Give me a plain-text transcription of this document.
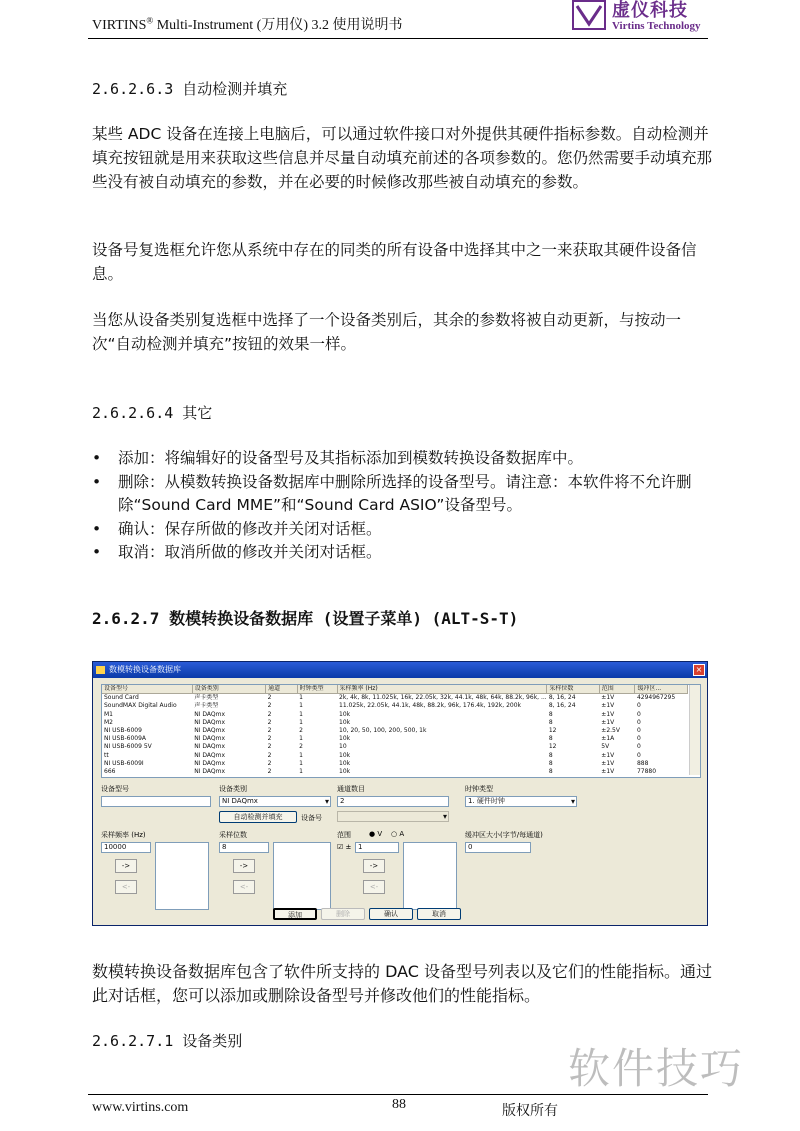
VIRTINS® Multi-Instrument (万用仪) 3.2 使用说明书
虚仪科技
Virtins Technology
2.6.2.6.3 自动检测并填充
某些 ADC 设备在连接上电脑后，可以通过软件接口对外提供其硬件指标参数。自动检测并填充按钮就是用来获取这些信息并尽量自动填充前述的各项参数的。您仍然需要手动填充那些没有被自动填充的参数，并在必要的时候修改那些被自动填充的参数。
设备号复选框允许您从系统中存在的同类的所有设备中选择其中之一来获取其硬件设备信息。
当您从设备类别复选框中选择了一个设备类别后，其余的参数将被自动更新，与按动一次“自动检测并填充”按钮的效果一样。
2.6.2.6.4 其它
• 添加：将编辑好的设备型号及其指标添加到模数转换设备数据库中。
• 删除：从模数转换设备数据库中删除所选择的设备型号。请注意：本软件将不允许删除“Sound Card MME”和“Sound Card ASIO”设备型号。
• 确认：保存所做的修改并关闭对话框。
• 取消：取消所做的修改并关闭对话框。
2.6.2.7 数模转换设备数据库 (设置子菜单) (ALT-S-T)
数模转换设备数据库	×
设备型号	设备类别	通道	时钟类型	采样频率 (Hz)	采样位数	范围	缓冲区...
Sound Card	声卡类型	2	1	2k, 4k, 8k, 11.025k, 16k, 22.05k, 32k, 44.1k, 48k, 64k, 88.2k, 96k, ...	8, 16, 24	±1V	4294967295
SoundMAX Digital Audio	声卡类型	2	1	11.025k, 22.05k, 44.1k, 48k, 88.2k, 96k, 176.4k, 192k, 200k	8, 16, 24	±1V	0
M1	NI DAQmx	2	1	10k	8	±1V	0
M2	NI DAQmx	2	1	10k	8	±1V	0
NI USB-6009	NI DAQmx	2	2	10, 20, 50, 100, 200, 500, 1k	12	±2.5V	0
NI USB-6009A	NI DAQmx	2	1	10k	8	±1A	0
NI USB-6009 5V	NI DAQmx	2	2	10	12	5V	0
tt	NI DAQmx	2	1	10k	8	±1V	0
NI USB-6009I	NI DAQmx	2	1	10k	8	±1V	888
666	NI DAQmx	2	1	10k	8	±1V	77880
设备型号	设备类别	通道数目	时钟类型
NI DAQmx ▾	2	1. 硬件时钟 ▾
自动检测并填充	设备号
▾
采样频率 (Hz)	采样位数	范围	● V ○ A	缓冲区大小(字节/每通道)
10000
->
<-
8
->
<-
☑ ± 1
->
<-
0
添加	删除	确认	取消
数模转换设备数据库包含了软件所支持的 DAC 设备型号列表以及它们的性能指标。通过此对话框，您可以添加或删除设备型号并修改他们的性能指标。
2.6.2.7.1 设备类别
软件技巧
www.virtins.com	88	版权所有
